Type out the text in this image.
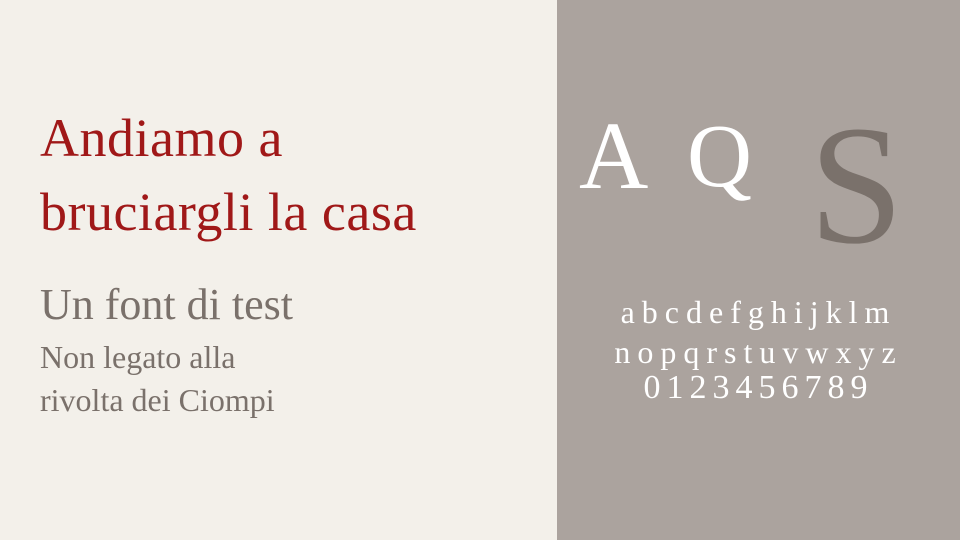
Andiamo a
bruciargli la casa

Un font di test

Non legato alla

rivolta dei Ciompi

A Q S
abcdefghijklm
nopqrstuvwxyz
0123456789
